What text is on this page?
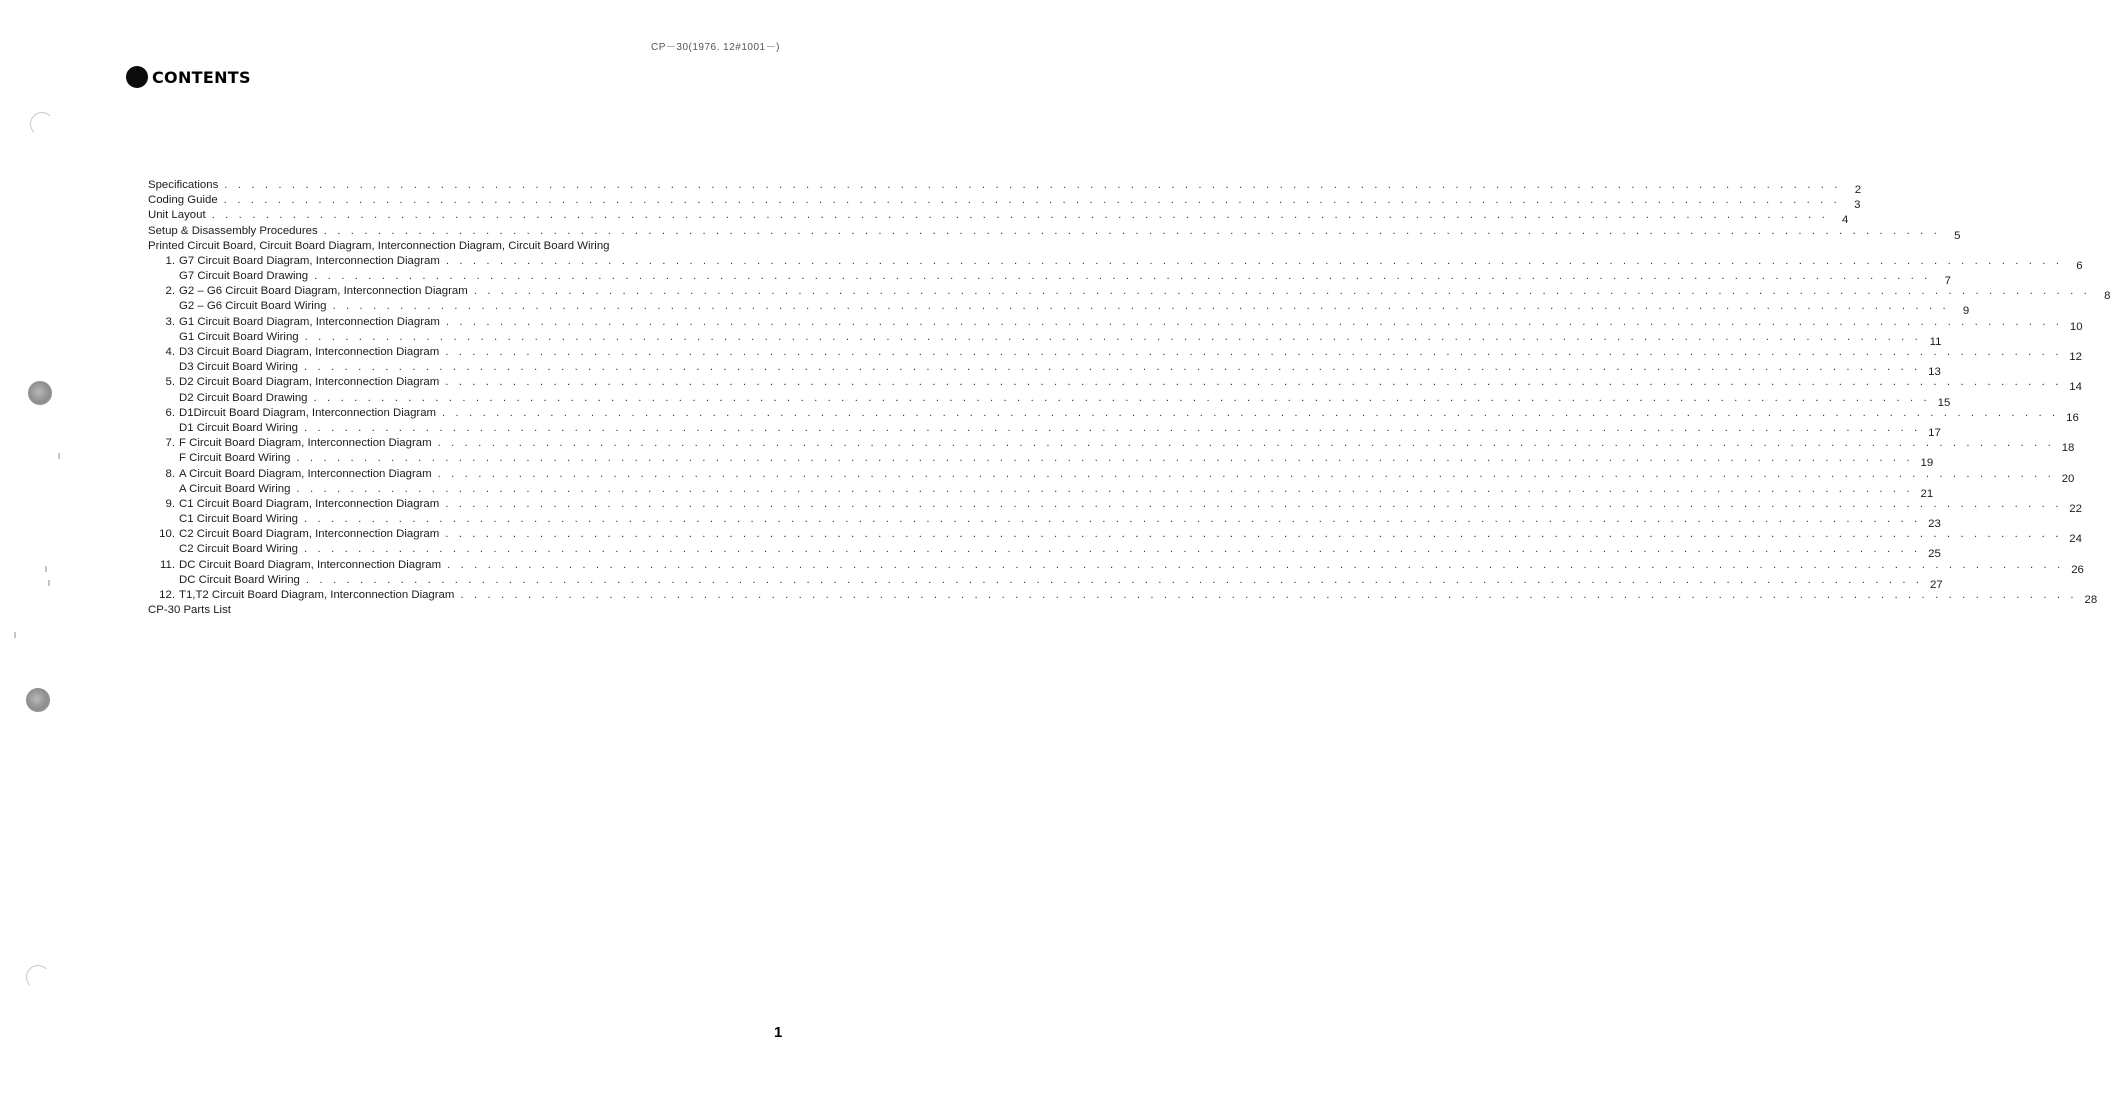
CP－30(1976. 12#1001－)
CONTENTS
Specifications . . . . . . . . . . . . . . . . . . . . . . . . . . . . . . . . . . . . . . . . . . . . . . . . . . . . . . . . . . . . . . . . . . . . . . . . . . . . . . . . . . . . . . . . . . . . . . . . . . . . . . . . . . . . . . . . . . . . . . . .	2
Coding Guide . . . . . . . . . . . . . . . . . . . . . . . . . . . . . . . . . . . . . . . . . . . . . . . . . . . . . . . . . . . . . . . . . . . . . . . . . . . . . . . . . . . . . . . . . . . . . . . . . . . . . . . . . . . . . . . . . . . . . . . .	3
Unit Layout . . . . . . . . . . . . . . . . . . . . . . . . . . . . . . . . . . . . . . . . . . . . . . . . . . . . . . . . . . . . . . . . . . . . . . . . . . . . . . . . . . . . . . . . . . . . . . . . . . . . . . . . . . . . . . . . . . . . . . . .	4
Setup & Disassembly Procedures . . . . . . . . . . . . . . . . . . . . . . . . . . . . . . . . . . . . . . . . . . . . . . . . . . . . . . . . . . . . . . . . . . . . . . . . . . . . . . . . . . . . . . . . . . . . . . . . . . . . . . . . . . . . . . . . . . . . . . . .	5
Printed Circuit Board, Circuit Board Diagram, Interconnection Diagram, Circuit Board Wiring
1. G7 Circuit Board Diagram, Interconnection Diagram . . . . . . . . . . . . . . . . . . . . . . . . . . . . . . . . . . . . . . . . . . . . . . . . . . . . . . . . . . . . . . . . . . . . . . . . . . . . . . . . . . . . . . . . . . . . . . . . . . . . . . . . . . . . . . . . . . . . . . . .	6
G7 Circuit Board Drawing . . . . . . . . . . . . . . . . . . . . . . . . . . . . . . . . . . . . . . . . . . . . . . . . . . . . . . . . . . . . . . . . . . . . . . . . . . . . . . . . . . . . . . . . . . . . . . . . . . . . . . . . . . . . . . . . . . . . . . . .	7
2. G2 – G6 Circuit Board Diagram, Interconnection Diagram . . . . . . . . . . . . . . . . . . . . . . . . . . . . . . . . . . . . . . . . . . . . . . . . . . . . . . . . . . . . . . . . . . . . . . . . . . . . . . . . . . . . . . . . . . . . . . . . . . . . . . . . . . . . . . . . . . . . . . . .	8
G2 – G6 Circuit Board Wiring . . . . . . . . . . . . . . . . . . . . . . . . . . . . . . . . . . . . . . . . . . . . . . . . . . . . . . . . . . . . . . . . . . . . . . . . . . . . . . . . . . . . . . . . . . . . . . . . . . . . . . . . . . . . . . . . . . . . . . . .	9
3. G1 Circuit Board Diagram, Interconnection Diagram . . . . . . . . . . . . . . . . . . . . . . . . . . . . . . . . . . . . . . . . . . . . . . . . . . . . . . . . . . . . . . . . . . . . . . . . . . . . . . . . . . . . . . . . . . . . . . . . . . . . . . . . . . . . . . . . . . . . . . . . 10
G1 Circuit Board Wiring . . . . . . . . . . . . . . . . . . . . . . . . . . . . . . . . . . . . . . . . . . . . . . . . . . . . . . . . . . . . . . . . . . . . . . . . . . . . . . . . . . . . . . . . . . . . . . . . . . . . . . . . . . . . . . . . . . . . . . . . 11
4. D3 Circuit Board Diagram, Interconnection Diagram . . . . . . . . . . . . . . . . . . . . . . . . . . . . . . . . . . . . . . . . . . . . . . . . . . . . . . . . . . . . . . . . . . . . . . . . . . . . . . . . . . . . . . . . . . . . . . . . . . . . . . . . . . . . . . . . . . . . . . . . 12
D3 Circuit Board Wiring . . . . . . . . . . . . . . . . . . . . . . . . . . . . . . . . . . . . . . . . . . . . . . . . . . . . . . . . . . . . . . . . . . . . . . . . . . . . . . . . . . . . . . . . . . . . . . . . . . . . . . . . . . . . . . . . . . . . . . . . 13
5. D2 Circuit Board Diagram, Interconnection Diagram . . . . . . . . . . . . . . . . . . . . . . . . . . . . . . . . . . . . . . . . . . . . . . . . . . . . . . . . . . . . . . . . . . . . . . . . . . . . . . . . . . . . . . . . . . . . . . . . . . . . . . . . . . . . . . . . . . . . . . . . 14
D2 Circuit Board Drawing . . . . . . . . . . . . . . . . . . . . . . . . . . . . . . . . . . . . . . . . . . . . . . . . . . . . . . . . . . . . . . . . . . . . . . . . . . . . . . . . . . . . . . . . . . . . . . . . . . . . . . . . . . . . . . . . . . . . . . . . 15
6. D1Dircuit Board Diagram, Interconnection Diagram . . . . . . . . . . . . . . . . . . . . . . . . . . . . . . . . . . . . . . . . . . . . . . . . . . . . . . . . . . . . . . . . . . . . . . . . . . . . . . . . . . . . . . . . . . . . . . . . . . . . . . . . . . . . . . . . . . . . . . . . 16
D1 Circuit Board Wiring . . . . . . . . . . . . . . . . . . . . . . . . . . . . . . . . . . . . . . . . . . . . . . . . . . . . . . . . . . . . . . . . . . . . . . . . . . . . . . . . . . . . . . . . . . . . . . . . . . . . . . . . . . . . . . . . . . . . . . . . 17
7. F Circuit Board Diagram, Interconnection Diagram . . . . . . . . . . . . . . . . . . . . . . . . . . . . . . . . . . . . . . . . . . . . . . . . . . . . . . . . . . . . . . . . . . . . . . . . . . . . . . . . . . . . . . . . . . . . . . . . . . . . . . . . . . . . . . . . . . . . . . . . 18
F Circuit Board Wiring . . . . . . . . . . . . . . . . . . . . . . . . . . . . . . . . . . . . . . . . . . . . . . . . . . . . . . . . . . . . . . . . . . . . . . . . . . . . . . . . . . . . . . . . . . . . . . . . . . . . . . . . . . . . . . . . . . . . . . . . 19
8. A Circuit Board Diagram, Interconnection Diagram . . . . . . . . . . . . . . . . . . . . . . . . . . . . . . . . . . . . . . . . . . . . . . . . . . . . . . . . . . . . . . . . . . . . . . . . . . . . . . . . . . . . . . . . . . . . . . . . . . . . . . . . . . . . . . . . . . . . . . . . 20
A Circuit Board Wiring . . . . . . . . . . . . . . . . . . . . . . . . . . . . . . . . . . . . . . . . . . . . . . . . . . . . . . . . . . . . . . . . . . . . . . . . . . . . . . . . . . . . . . . . . . . . . . . . . . . . . . . . . . . . . . . . . . . . . . . . 21
9. C1 Circuit Board Diagram, Interconnection Diagram . . . . . . . . . . . . . . . . . . . . . . . . . . . . . . . . . . . . . . . . . . . . . . . . . . . . . . . . . . . . . . . . . . . . . . . . . . . . . . . . . . . . . . . . . . . . . . . . . . . . . . . . . . . . . . . . . . . . . . . . 22
C1 Circuit Board Wiring . . . . . . . . . . . . . . . . . . . . . . . . . . . . . . . . . . . . . . . . . . . . . . . . . . . . . . . . . . . . . . . . . . . . . . . . . . . . . . . . . . . . . . . . . . . . . . . . . . . . . . . . . . . . . . . . . . . . . . . . 23
10. C2 Circuit Board Diagram, Interconnection Diagram . . . . . . . . . . . . . . . . . . . . . . . . . . . . . . . . . . . . . . . . . . . . . . . . . . . . . . . . . . . . . . . . . . . . . . . . . . . . . . . . . . . . . . . . . . . . . . . . . . . . . . . . . . . . . . . . . . . . . . . . 24
C2 Circuit Board Wiring . . . . . . . . . . . . . . . . . . . . . . . . . . . . . . . . . . . . . . . . . . . . . . . . . . . . . . . . . . . . . . . . . . . . . . . . . . . . . . . . . . . . . . . . . . . . . . . . . . . . . . . . . . . . . . . . . . . . . . . . 25
11. DC Circuit Board Diagram, Interconnection Diagram . . . . . . . . . . . . . . . . . . . . . . . . . . . . . . . . . . . . . . . . . . . . . . . . . . . . . . . . . . . . . . . . . . . . . . . . . . . . . . . . . . . . . . . . . . . . . . . . . . . . . . . . . . . . . . . . . . . . . . . . 26
DC Circuit Board Wiring . . . . . . . . . . . . . . . . . . . . . . . . . . . . . . . . . . . . . . . . . . . . . . . . . . . . . . . . . . . . . . . . . . . . . . . . . . . . . . . . . . . . . . . . . . . . . . . . . . . . . . . . . . . . . . . . . . . . . . . . 27
12. T1,T2 Circuit Board Diagram, Interconnection Diagram . . . . . . . . . . . . . . . . . . . . . . . . . . . . . . . . . . . . . . . . . . . . . . . . . . . . . . . . . . . . . . . . . . . . . . . . . . . . . . . . . . . . . . . . . . . . . . . . . . . . . . . . . . . . . . . . . . . . . . . . 28
CP-30 Parts List
1
